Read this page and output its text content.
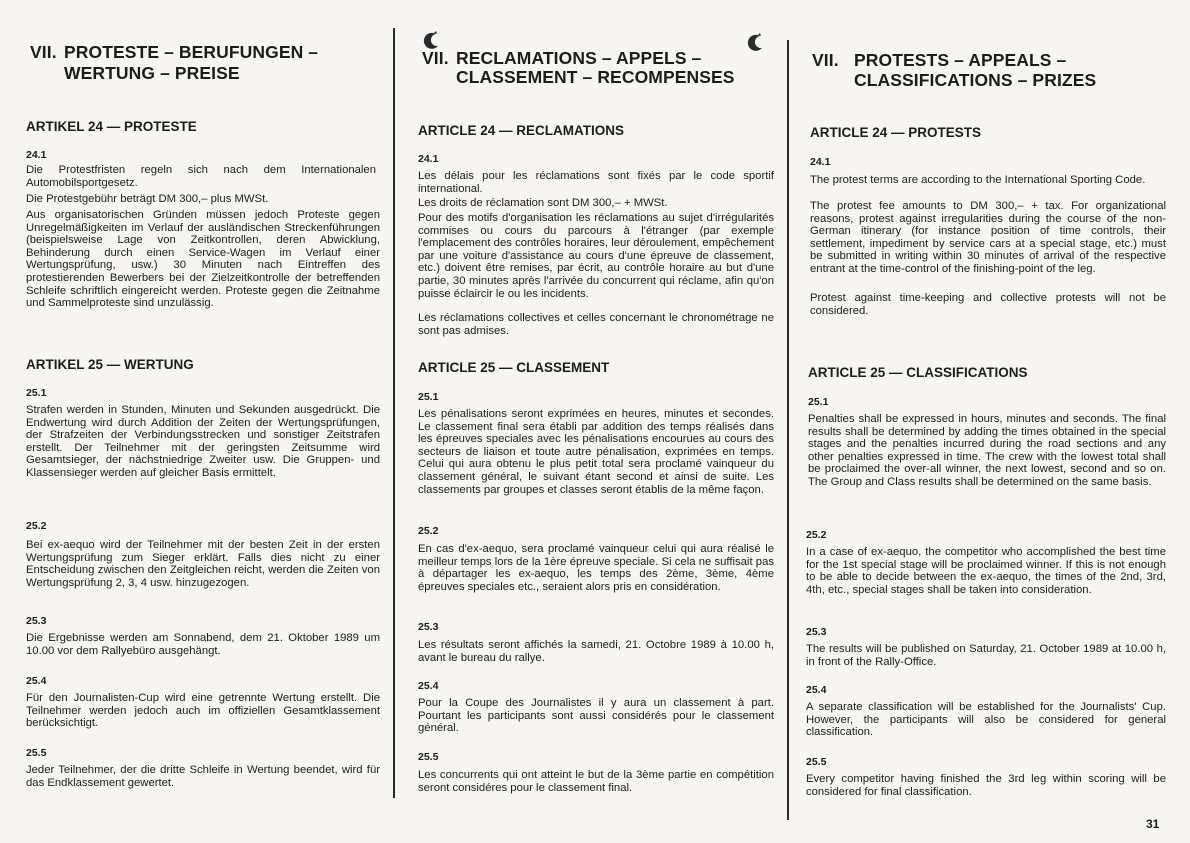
VII. PROTESTE – BERUFUNGEN –
WERTUNG – PREISE
ARTIKEL 24 — PROTESTE
24.1
Die Protestfristen regeln sich nach dem Internationalen Automobilsportgesetz.
Die Protestgebühr beträgt DM 300,– plus MWSt.
Aus organisatorischen Gründen müssen jedoch Proteste gegen Unregelmäßigkeiten im Verlauf der ausländischen Streckenführungen (beispielsweise Lage von Zeitkontrollen, deren Abwicklung, Behinderung durch einen Service-Wagen im Verlauf einer Wertungsprüfung, usw.) 30 Minuten nach Eintreffen des protestierenden Bewerbers bei der Zielzeitkontrolle der betreffenden Schleife schriftlich eingereicht werden. Proteste gegen die Zeitnahme und Sammelproteste sind unzulässig.
ARTIKEL 25 — WERTUNG
25.1
Strafen werden in Stunden, Minuten und Sekunden ausgedrückt. Die Endwertung wird durch Addition der Zeiten der Wertungsprüfungen, der Strafzeiten der Verbindungsstrecken und sonstiger Zeitstrafen erstellt. Der Teilnehmer mit der geringsten Zeitsumme wird Gesamtsieger, der nächstniedrige Zweiter usw. Die Gruppen- und Klassensieger werden auf gleicher Basis ermittelt.
25.2
Bei ex-aequo wird der Teilnehmer mit der besten Zeit in der ersten Wertungsprüfung zum Sieger erklärt. Falls dies nicht zu einer Entscheidung zwischen den Zeitgleichen reicht, werden die Zeiten von Wertungsprüfung 2, 3, 4 usw. hinzugezogen.
25.3
Die Ergebnisse werden am Sonnabend, dem 21. Oktober 1989 um 10.00 vor dem Rallyebüro ausgehängt.
25.4
Für den Journalisten-Cup wird eine getrennte Wertung erstellt. Die Teilnehmer werden jedoch auch im offiziellen Gesamtklassement berücksichtigt.
25.5
Jeder Teilnehmer, der die dritte Schleife in Wertung beendet, wird für das Endklassement gewertet.
VII. RECLAMATIONS – APPELS –
CLASSEMENT – RECOMPENSES
ARTICLE 24 — RECLAMATIONS
24.1
Les délais pour les réclamations sont fixés par le code sportif international.
Les droits de réclamation sont DM 300,– + MWSt.
Pour des motifs d'organisation les réclamations au sujet d'irrégularités commises ou cours du parcours à l'étranger (par exemple l'emplacement des contrôles horaires, leur déroulement, empêchement par une voiture d'assistance au cours d'une épreuve de classement, etc.) doivent être remises, par écrit, au contrôle horaire au but d'une partie, 30 minutes après l'arrivée du concurrent qui réclame, afin qu'on puisse éclaircir le ou les incidents.
Les réclamations collectives et celles concernant le chronométrage ne sont pas admises.
ARTICLE 25 — CLASSEMENT
25.1
Les pénalisations seront exprimées en heures, minutes et secondes. Le classement final sera établi par addition des temps réalisés dans les épreuves speciales avec les pénalisations encourues au cours des secteurs de liaison et toute autre pénalisation, exprimées en temps. Celui qui aura obtenu le plus petit total sera proclamé vainqueur du classement général, le suivant étant second et ainsi de suite. Les classements par groupes et classes seront établis de la même façon.
25.2
En cas d'ex-aequo, sera proclamé vainqueur celui qui aura réalisé le meilleur temps lors de la 1ère épreuve speciale. Si cela ne suffisait pas à départager les ex-aequo, les temps des 2ème, 3ème, 4ème épreuves speciales etc., seraient alors pris en considération.
25.3
Les résultats seront affichés la samedi, 21. Octobre 1989 à 10.00 h, avant le bureau du rallye.
25.4
Pour la Coupe des Journalistes il y aura un classement à part. Pourtant les participants sont aussi considérés pour le classement général.
25.5
Les concurrents qui ont atteint le but de la 3ème partie en compétition seront considéres pour le classement final.
VII. PROTESTS – APPEALS –
CLASSIFICATIONS – PRIZES
ARTICLE 24 — PROTESTS
24.1
The protest terms are according to the International Sporting Code.
The protest fee amounts to DM 300,– + tax. For organizational reasons, protest against irregularities during the course of the non-German itinerary (for instance position of time controls, their settlement, impediment by service cars at a special stage, etc.) must be submitted in writing within 30 minutes of arrival of the respective entrant at the time-control of the finishing-point of the leg.
Protest against time-keeping and collective protests will not be considered.
ARTICLE 25 — CLASSIFICATIONS
25.1
Penalties shall be expressed in hours, minutes and seconds. The final results shall be determined by adding the times obtained in the special stages and the penalties incurred during the road sections and any other penalties expressed in time. The crew with the lowest total shall be proclaimed the over-all winner, the next lowest, second and so on. The Group and Class results shall be determined on the same basis.
25.2
In a case of ex-aequo, the competitor who accomplished the best time for the 1st special stage will be proclaimed winner. If this is not enough to be able to decide between the ex-aequo, the times of the 2nd, 3rd, 4th, etc., special stages shall be taken into consideration.
25.3
The results will be published on Saturday, 21. October 1989 at 10.00 h, in front of the Rally-Office.
25.4
A separate classification will be established for the Journalists' Cup. However, the participants will also be considered for general classification.
25.5
Every competitor having finished the 3rd leg within scoring will be considered for final classification.
31
